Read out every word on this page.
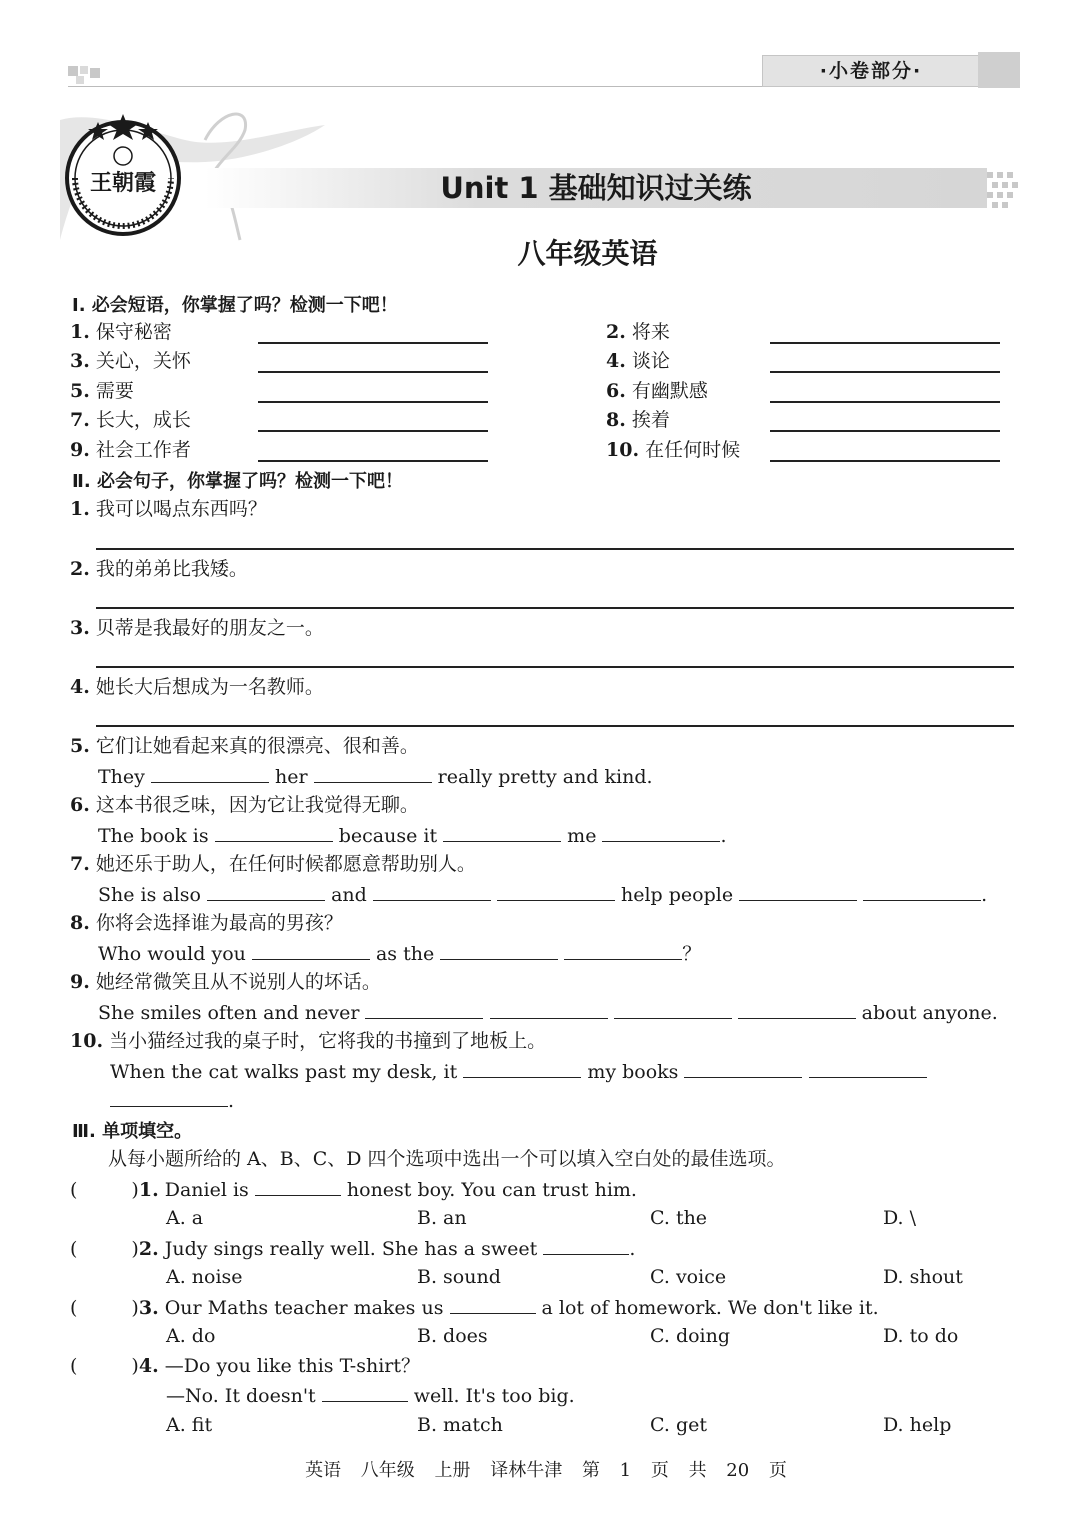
·小卷部分·
王朝霞	Unit 1 基础知识过关练
八年级英语
Ⅰ. 必会短语，你掌握了吗？检测一下吧！
1. 保守秘密	2. 将来
3. 关心，关怀	4. 谈论
5. 需要	6. 有幽默感
7. 长大，成长	8. 挨着
9. 社会工作者	10. 在任何时候
Ⅱ. 必会句子，你掌握了吗？检测一下吧！
1. 我可以喝点东西吗？
2. 我的弟弟比我矮。
3. 贝蒂是我最好的朋友之一。
4. 她长大后想成为一名教师。
5. 它们让她看起来真的很漂亮、很和善。
They	her	really pretty and kind.
6. 这本书很乏味，因为它让我觉得无聊。
The book is	because it	me	.
7. 她还乐于助人，在任何时候都愿意帮助别人。
She is also	and	help people	.
8. 你将会选择谁为最高的男孩？
Who would you	as the	？
9. 她经常微笑且从不说别人的坏话。
She smiles often and never	about anyone.
10. 当小猫经过我的桌子时，它将我的书撞到了地板上。
When the cat walks past my desk, it	my books
.
Ⅲ. 单项填空。
从每小题所给的 A、B、C、D 四个选项中选出一个可以填入空白处的最佳选项。
(	)1. Daniel is	honest boy. You can trust him.
A. a	B. an	C. the	D. \
(	)2. Judy sings really well. She has a sweet	.
A. noise	B. sound	C. voice	D. shout
(	)3. Our Maths teacher makes us	a lot of homework. We don't like it.
A. do	B. does	C. doing	D. to do
(	)4. —Do you like this T-shirt？
—No. It doesn't	well. It's too big.
A. fit	B. match	C. get	D. help
英语 八年级 上册 译林牛津 第 1 页 共 20 页
